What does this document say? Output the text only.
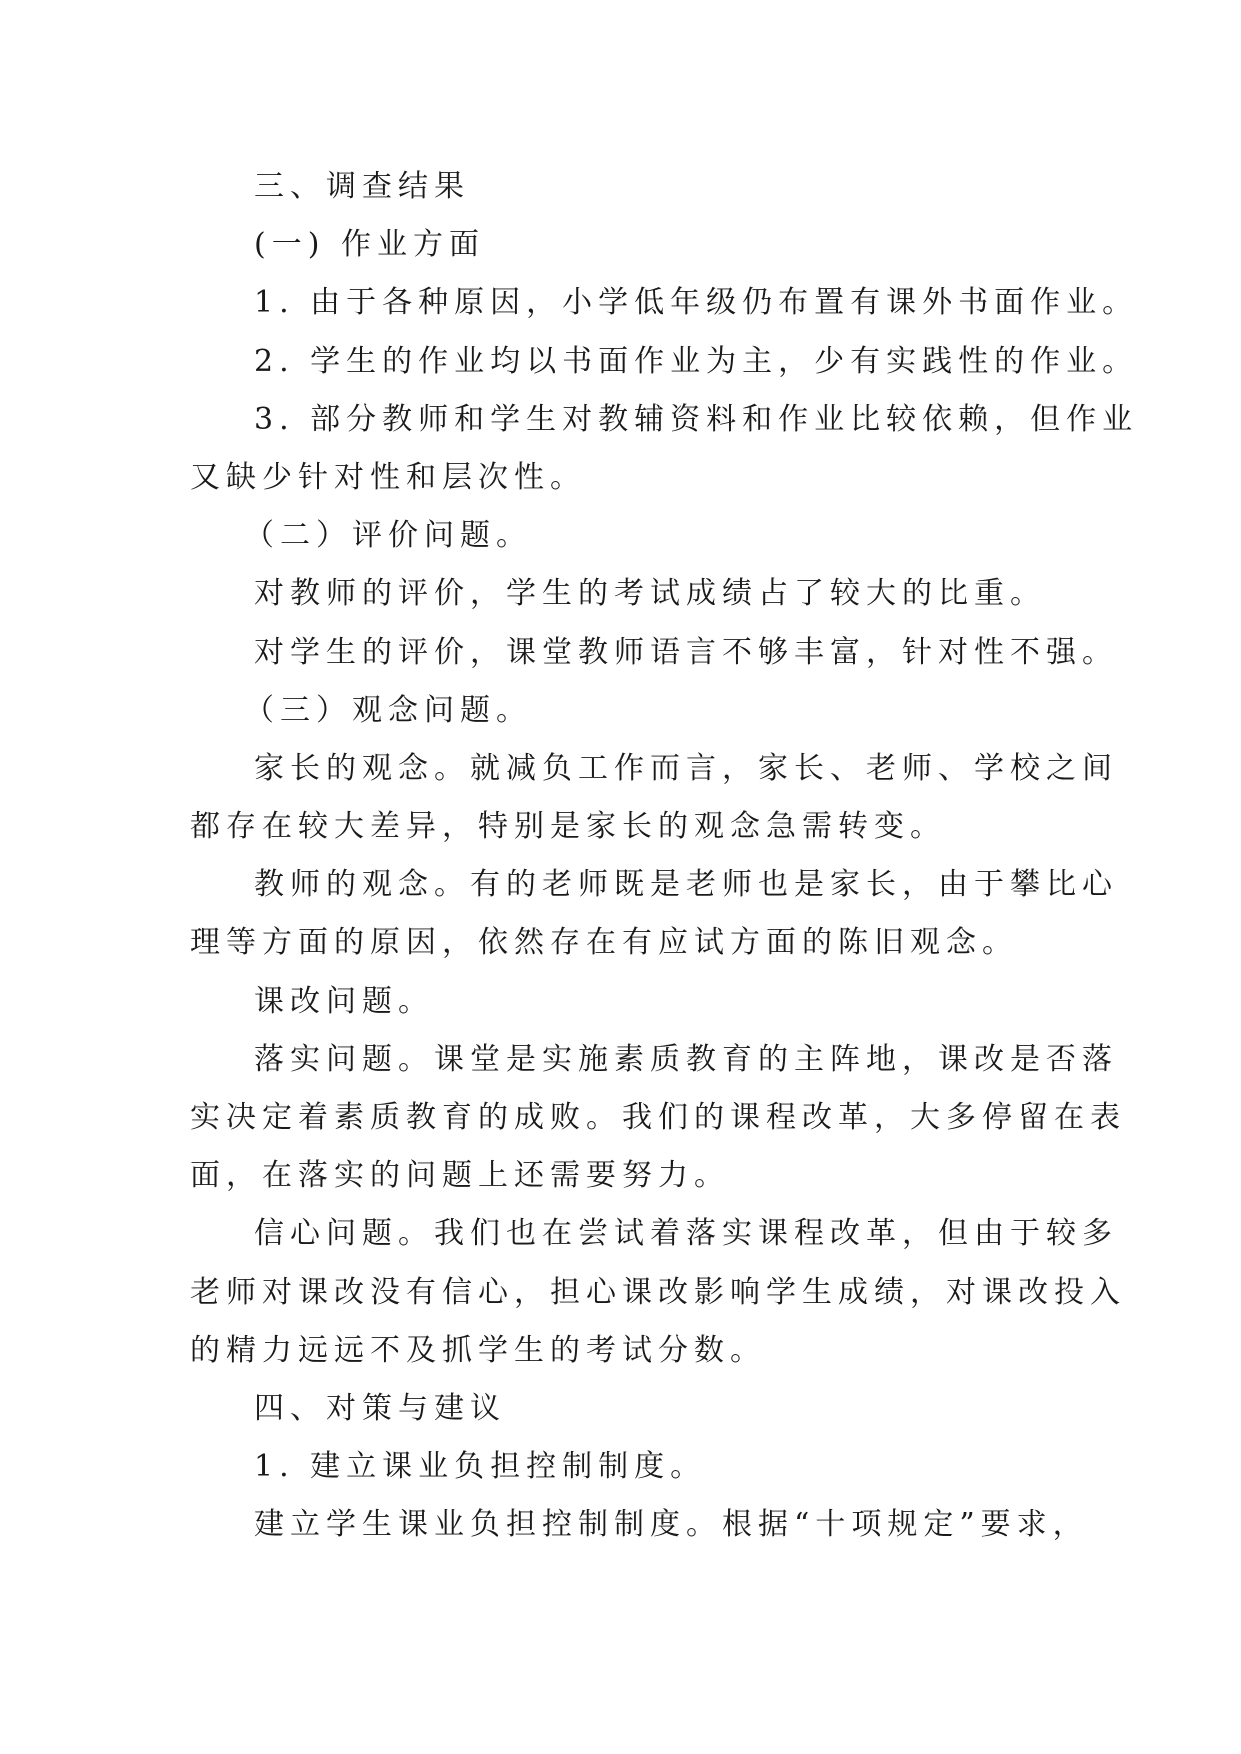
三、调查结果
(一) 作业方面
1. 由于各种原因，小学低年级仍布置有课外书面作业。
2. 学生的作业均以书面作业为主，少有实践性的作业。
3. 部分教师和学生对教辅资料和作业比较依赖，但作业
又缺少针对性和层次性。
（二）评价问题。
对教师的评价，学生的考试成绩占了较大的比重。
对学生的评价，课堂教师语言不够丰富，针对性不强。
（三）观念问题。
家长的观念。就减负工作而言，家长、老师、学校之间
都存在较大差异，特别是家长的观念急需转变。
教师的观念。有的老师既是老师也是家长，由于攀比心
理等方面的原因，依然存在有应试方面的陈旧观念。
课改问题。
落实问题。课堂是实施素质教育的主阵地，课改是否落
实决定着素质教育的成败。我们的课程改革，大多停留在表
面，在落实的问题上还需要努力。
信心问题。我们也在尝试着落实课程改革，但由于较多
老师对课改没有信心，担心课改影响学生成绩，对课改投入
的精力远远不及抓学生的考试分数。
四、对策与建议
1. 建立课业负担控制制度。
建立学生课业负担控制制度。根据“十项规定”要求，
